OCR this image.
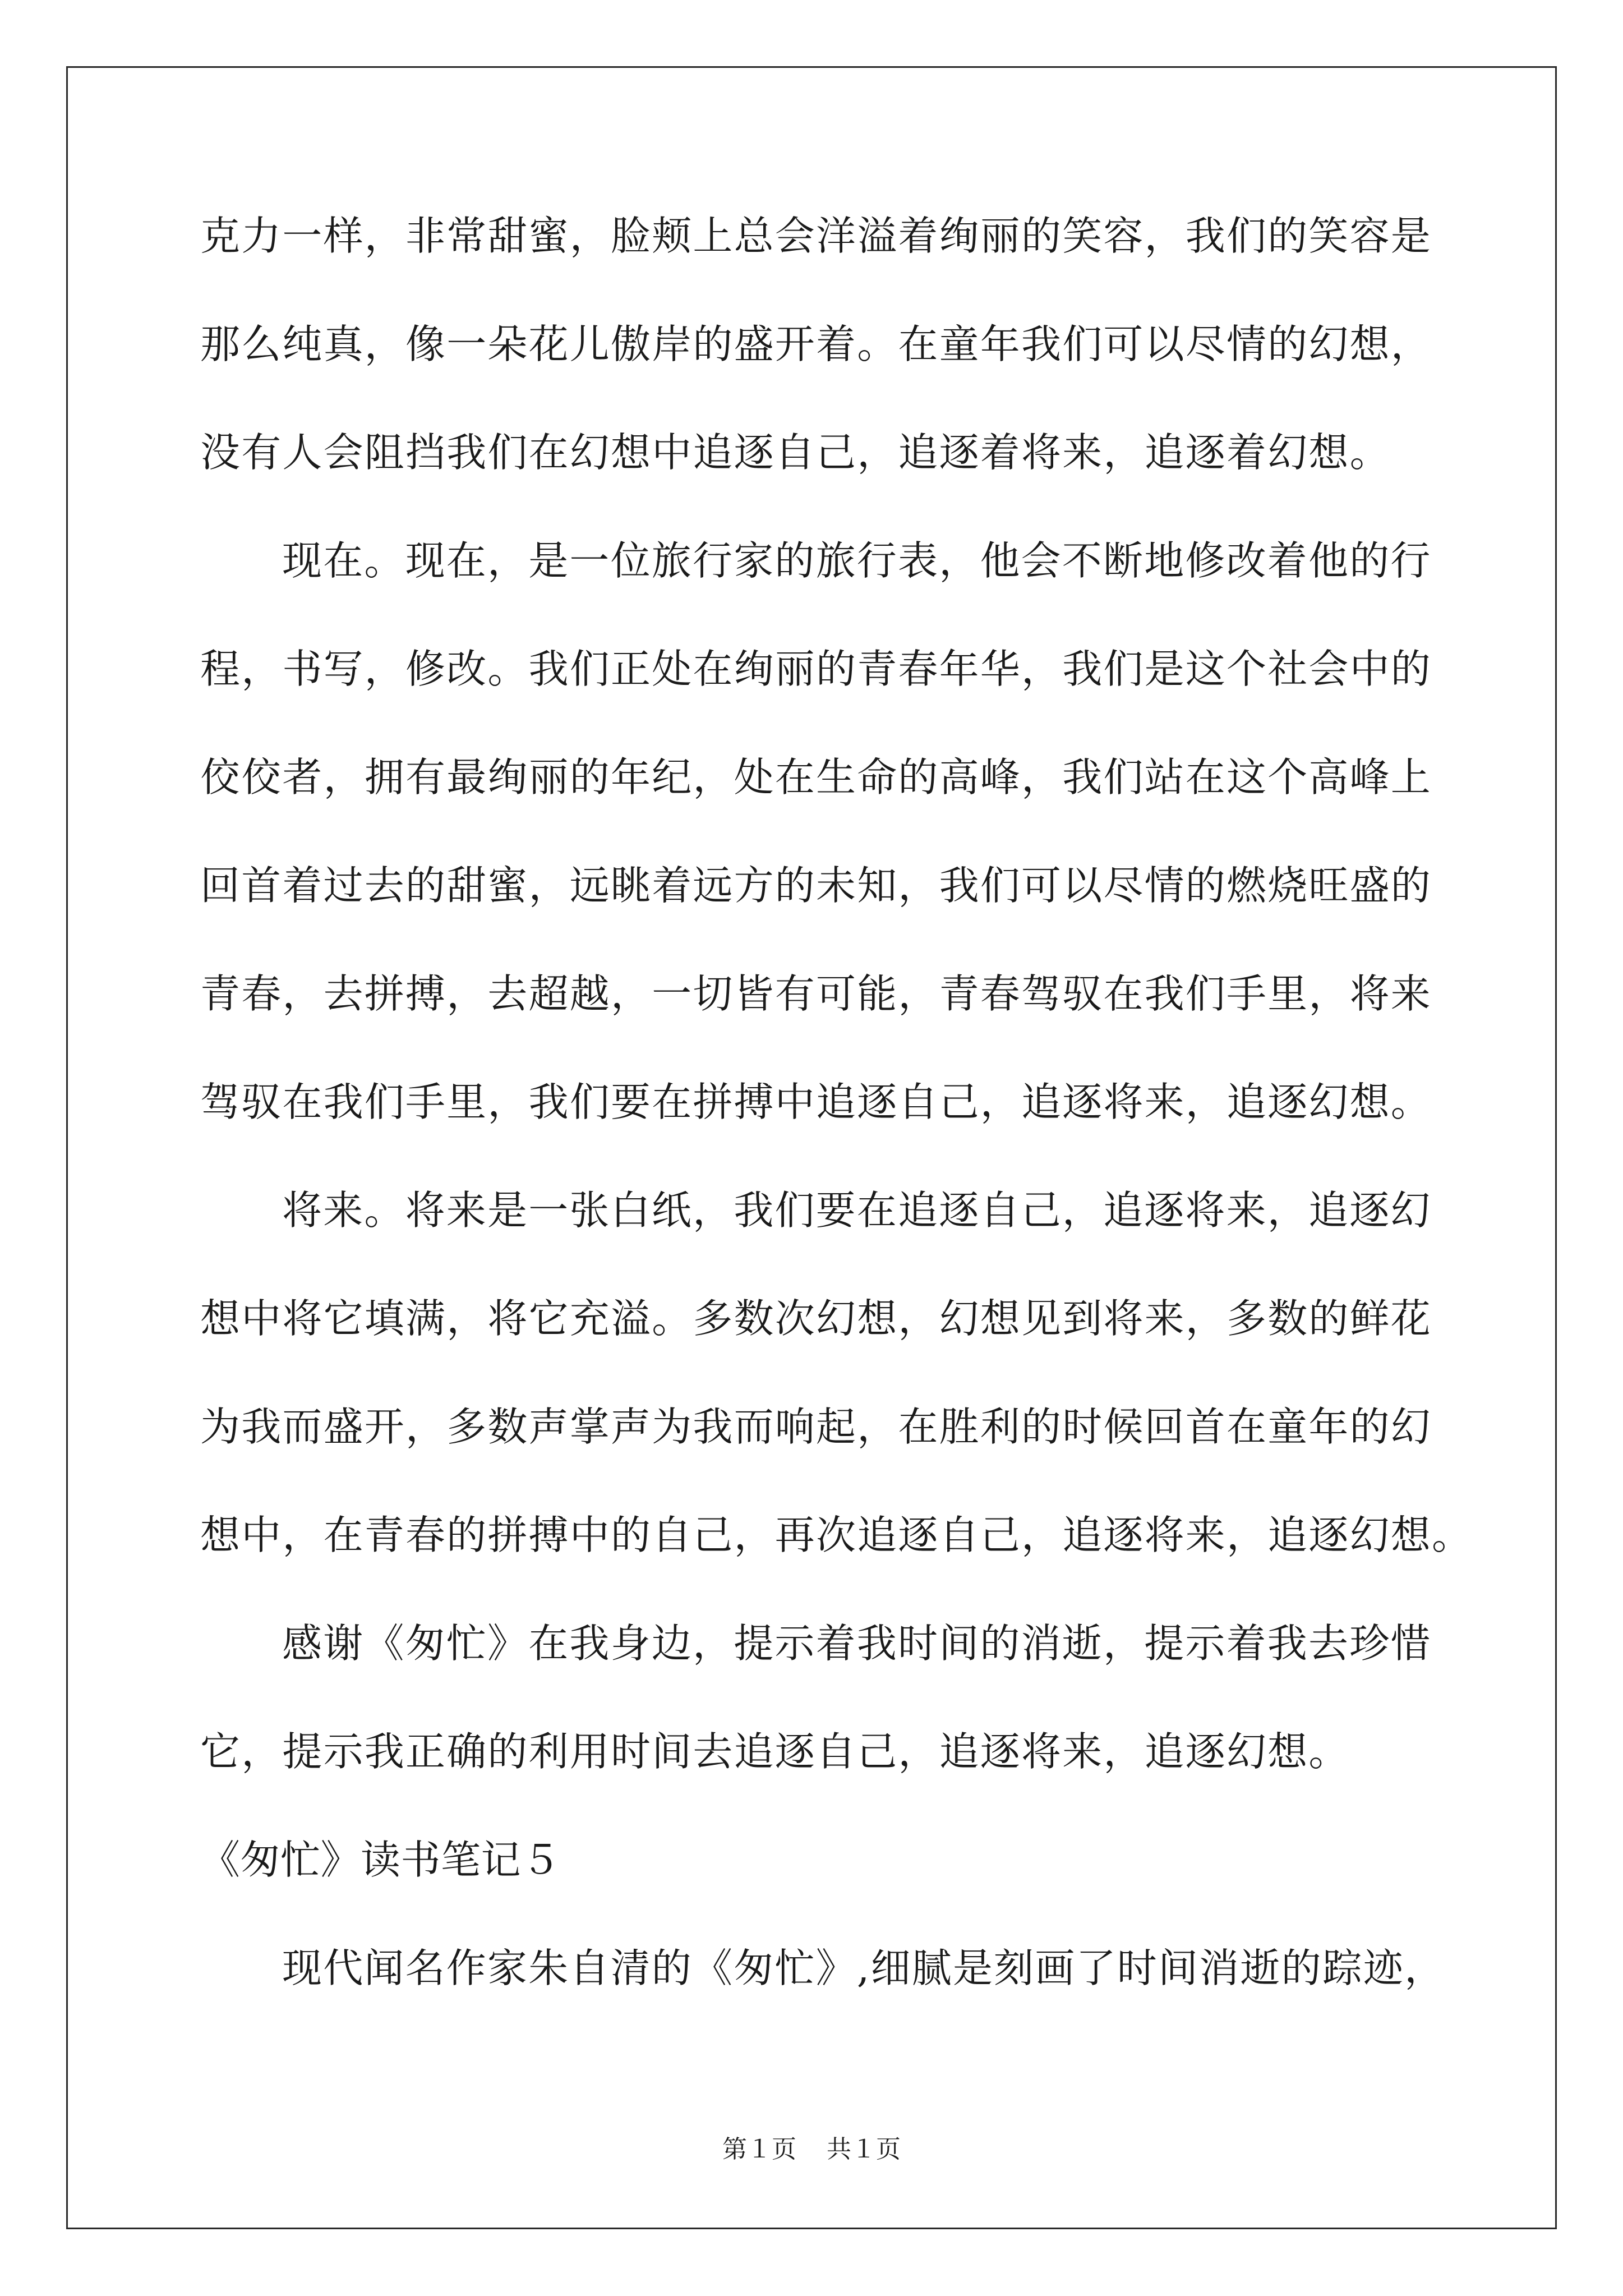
克力一样，非常甜蜜，脸颊上总会洋溢着绚丽的笑容，我们的笑容是
那么纯真，像一朵花儿傲岸的盛开着。在童年我们可以尽情的幻想，
没有人会阻挡我们在幻想中追逐自己，追逐着将来，追逐着幻想。
现在。现在，是一位旅行家的旅行表，他会不断地修改着他的行
程，书写，修改。我们正处在绚丽的青春年华，我们是这个社会中的
佼佼者，拥有最绚丽的年纪，处在生命的高峰，我们站在这个高峰上
回首着过去的甜蜜，远眺着远方的未知，我们可以尽情的燃烧旺盛的
青春，去拼搏，去超越，一切皆有可能，青春驾驭在我们手里，将来
驾驭在我们手里，我们要在拼搏中追逐自己，追逐将来，追逐幻想。
将来。将来是一张白纸，我们要在追逐自己，追逐将来，追逐幻
想中将它填满，将它充溢。多数次幻想，幻想见到将来，多数的鲜花
为我而盛开，多数声掌声为我而响起，在胜利的时候回首在童年的幻
想中，在青春的拼搏中的自己，再次追逐自己，追逐将来，追逐幻想。
感谢《匆忙》在我身边，提示着我时间的消逝，提示着我去珍惜
它，提示我正确的利用时间去追逐自己，追逐将来，追逐幻想。
《匆忙》读书笔记５
现代闻名作家朱自清的《匆忙》,细腻是刻画了时间消逝的踪迹，
第１页 共１页
